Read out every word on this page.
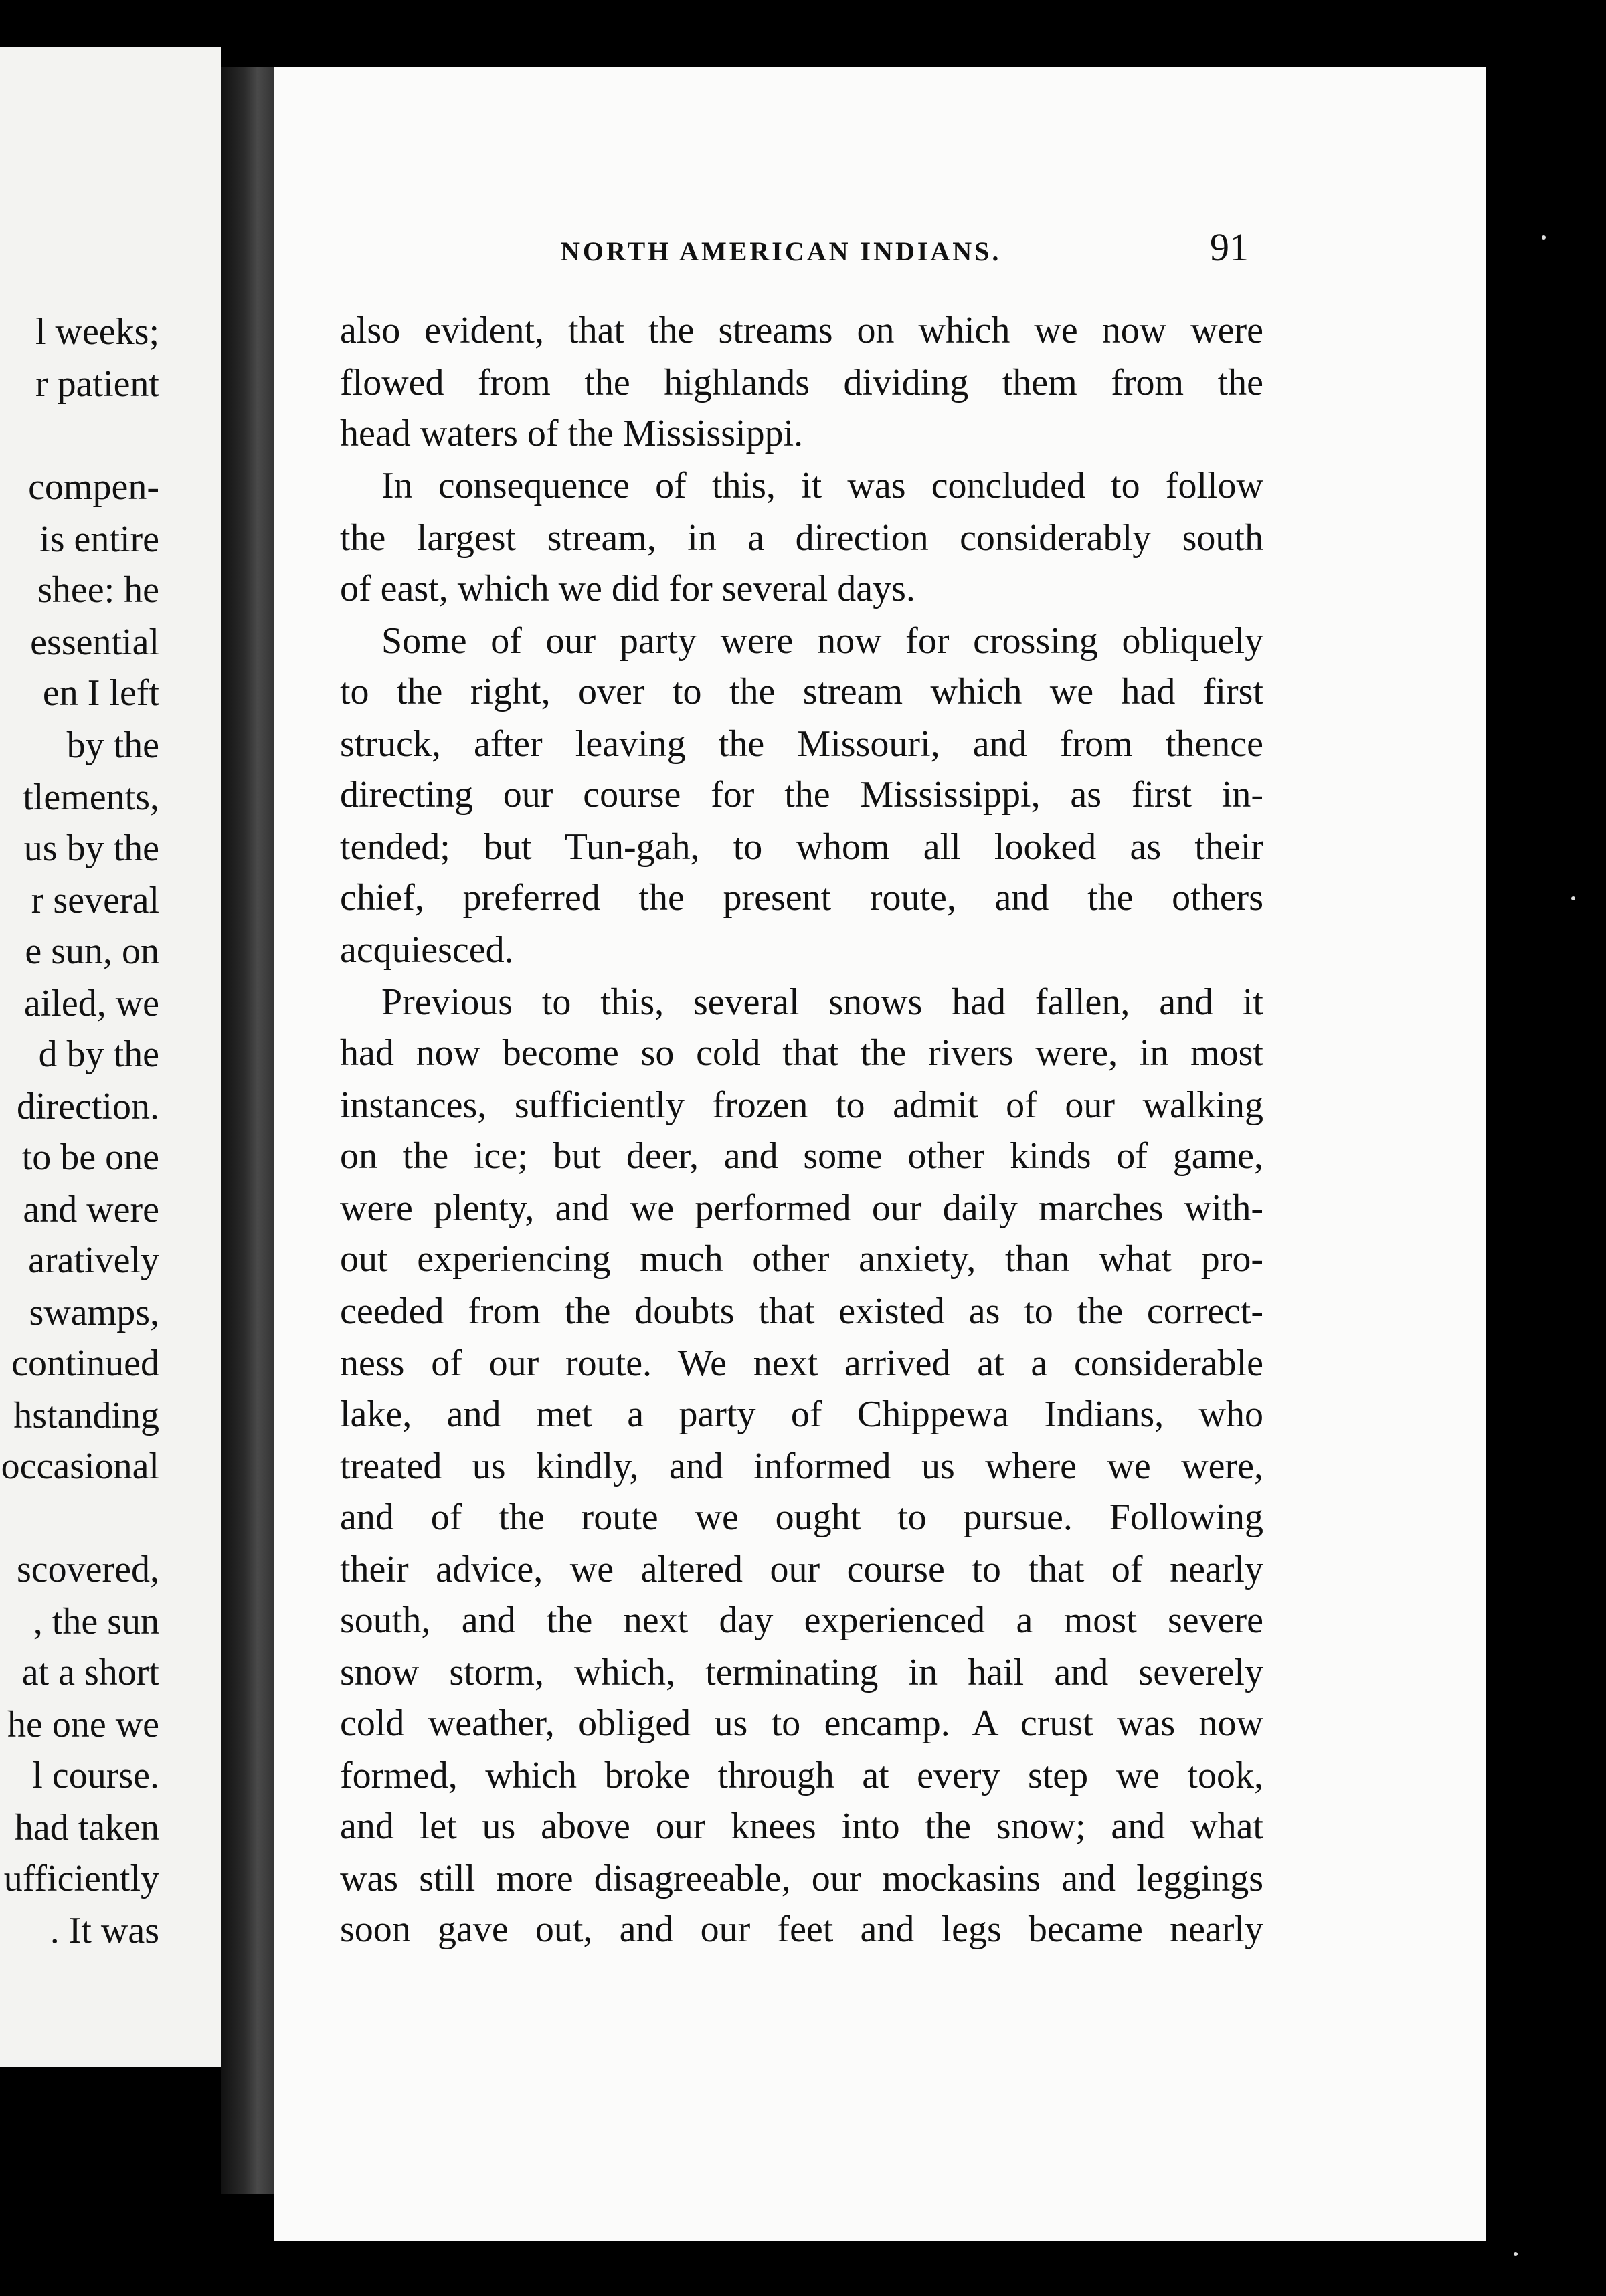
l weeks;
r patient
compen-
is entire
shee: he
essential
en I left
by the
tlements,
us by the
r several
e sun, on
ailed, we
d by the
direction.
to be one
and were
aratively
swamps,
continued
hstanding
occasional
scovered,
, the sun
at a short
he one we
l course.
had taken
ufficiently
. It was
NORTH AMERICAN INDIANS.	91
also evident, that the streams on which we now were
flowed from the highlands dividing them from the
head waters of the Mississippi.
In consequence of this, it was concluded to follow
the largest stream, in a direction considerably south
of east, which we did for several days.
Some of our party were now for crossing obliquely
to the right, over to the stream which we had first
struck, after leaving the Missouri, and from thence
directing our course for the Mississippi, as first in-
tended; but Tun-gah, to whom all looked as their
chief, preferred the present route, and the others
acquiesced.
Previous to this, several snows had fallen, and it
had now become so cold that the rivers were, in most
instances, sufficiently frozen to admit of our walking
on the ice; but deer, and some other kinds of game,
were plenty, and we performed our daily marches with-
out experiencing much other anxiety, than what pro-
ceeded from the doubts that existed as to the correct-
ness of our route. We next arrived at a considerable
lake, and met a party of Chippewa Indians, who
treated us kindly, and informed us where we were,
and of the route we ought to pursue. Following
their advice, we altered our course to that of nearly
south, and the next day experienced a most severe
snow storm, which, terminating in hail and severely
cold weather, obliged us to encamp. A crust was now
formed, which broke through at every step we took,
and let us above our knees into the snow; and what
was still more disagreeable, our mockasins and leggings
soon gave out, and our feet and legs became nearly
